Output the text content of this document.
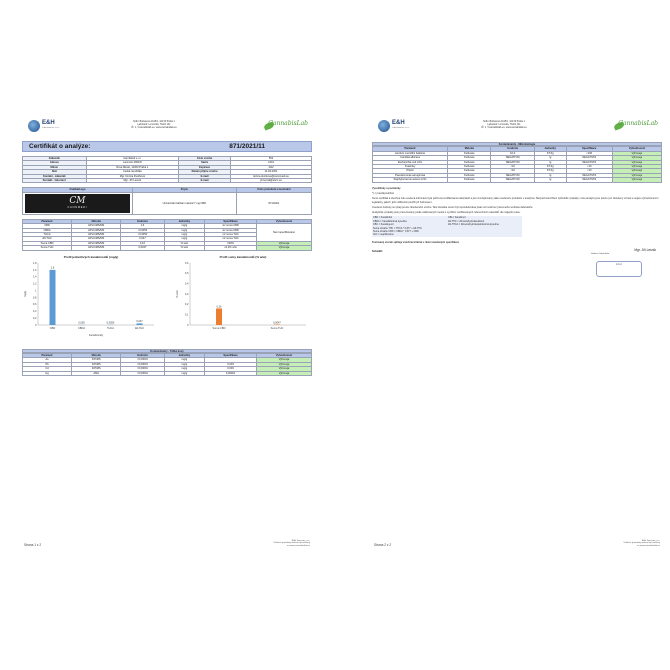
E&H
Laboratories s.r.o.
Sídlo: Bolzanova 1615/1, 110 00 Praha 1
Laboratoř: Lomnická, Třebíč 141
IČ: 1, ©cannabislab.eu, www.cannabislab.eu
CannabisLab
Certifikát o analýze:	871/2021/11
Zákazník	CannMedi s.r.o.	Číslo vzorku	552
Adresa	Lamnow 2061/8	Šarže	L001
Město	Nové Město, 11000 Praha 1	Expirace	4/22
Stát	Česká republika	Datum příjmu vzorku	11.03.2021
Kontakt - zákazník	Mgr. Dorina Dvořková	E-mail	dorina.dvorkova@cannmedi.eu
Kontakt - laboratoř	Mgr. Jiří Lesník	E-mail	jiri.lesnik@ehcz.eu
Značka/Logo	Popis	Číslo protokolu a testování

CM
CANNMEDI	Univerzální balzám natural 7 mg CBD	871/2021
Parametr	Metoda	Hodnota	Jednotky	Specifikace	Vyhodnocení
CBD	HPLC/MS/MS	1,6	mg/g	viz suma CBD	Není specifikováno
CBDA	HPLC/MS/MS	<0,0050	mg/g	viz suma CBD	
THCA	HPLC/MS/MS	<0,0050	mg/g	viz suma THC	
Δ9-THC	HPLC/MS/MS	0,047	mg/g	viz suma THC	
Suma CBD	HPLC/MS/MS	0,16	% w/w	±30%	Vyhovuje
Suma THC	HPLC/MS/MS	0,0047	% w/w	≤0,2% w/w	Vyhovuje
Profil jednotlivých kanabinoidů (mg/g)
0
0,2
0,4
0,6
0,8
1
1,2
1,4
1,6
1,8
mg/g
Kanabinoidy
1,6
CBD
0,005
CBDA
0,0050
THCA
0,047
Δ9-THC
Profil sumy kanabinoidů (% w/w)
0
0,1
0,2
0,3
0,4
0,5
0,6
% w/w
0,16
Suma CBD
0,0047
Suma THC
Kontaminanty - Těžké kovy
Parametr	Metoda	Hodnota	Jednotky	Specifikace	Vyhodnocení
As	ICP/MS	<0,00001	mg/g		Vyhovuje
Pb	ICP/MS	<0,00001	mg/g	0,003	Vyhovuje
Cd	ICP/MS	<0,00001	mg/g	0,003	Vyhovuje
Hg	AMA	<0,00001	mg/g	0,00001	Vyhovuje
Strana 1 z 2
E&H Services, a.s.
Veškeré protokoly mohou být ověřeny
na www.cannabislab.eu
E&H
Laboratories s.r.o.
Sídlo: Bolzanova 1615/1, 110 00 Praha 1
Laboratoř: Lomnická, Třebíč 141
IČ: 1, ©cannabislab.eu, www.cannabislab.eu
CannabisLab
Kontaminanty - Mikrobiologie
Parametr	Metoda	Hodnota	Jednotky	Specifikace	Vyhodnocení
Aerobní mezofilní bakterie	Kultivace	10,0	KTJ/g	<100	Vyhovuje
Candida albicans	Kultivace	NEGATIVNÍ	/g	NEGATIVNÍ	Vyhovuje
Escherichia coli LOG	Kultivace	NEGATIVNÍ	/g	NEGATIVNÍ	Vyhovuje
Kvasinky	Kultivace	<10	KTJ/g	<10	Vyhovuje
Plísně	Kultivace	<10	KTJ/g	<10	Vyhovuje
Pseudomonas aeruginosa	Kultivace	NEGATIVNÍ	/g	NEGATIVNÍ	Vyhovuje
Staphylococcus aureus LOG	Kultivace	NEGATIVNÍ	/g	NEGATIVNÍ	Vyhovuje

Vysvětlivky a poznámky

*) = pravděpodobné

Tento certifikát a všechna zde uvedená informace byla pořízena certifikovanou laboratoří a jsou zveřejňovány stále uvedeném protokolu s analýzou. Bezpečnostní/Není způsobilé výsledky v této analýze jsou pouze pro zkoušený vzorek a nejsou vyhodnocením legislativy, jakož i jeho odlišnosti použití při hodnocení.

Uvedené hodnoty se týkají pouze zkoušeného vzorku. Tato zkouška nesmí být reprodukována jinak než celá bez písemného souhlasu laboratoře.

Analytické výsledky jsou prezentovány podle validovaných metod s využitím certifikovaných referenčních materiálů, dle nejlepší praxe.

CBD = Kanabidiol	CBL= Kanabinol
CBDA = Kanabidiolová kyselina	Δ9-THC = Δ9-tetrahydrokanabinol
CBC = Kanabigerol	Δ9-THCA = Δ9-tetrahydrokanabinolová kyselina
Suma obsahu THC = THCA * 0,877 + Δ9-THC	
Suma obsahu CBD = CBDA * 0,877 + CBD	
N/A = neaplikováno	

Testovaný vzorek splňuje všechna kritéria v rámci uvedených specifikací.

Schválil:	Mgr. Jiří Lesník
Vedoucí laboratoře
E&H
Strana 2 z 2
E&H Services, a.s.
Veškeré protokoly mohou být ověřeny
na www.cannabislab.eu
